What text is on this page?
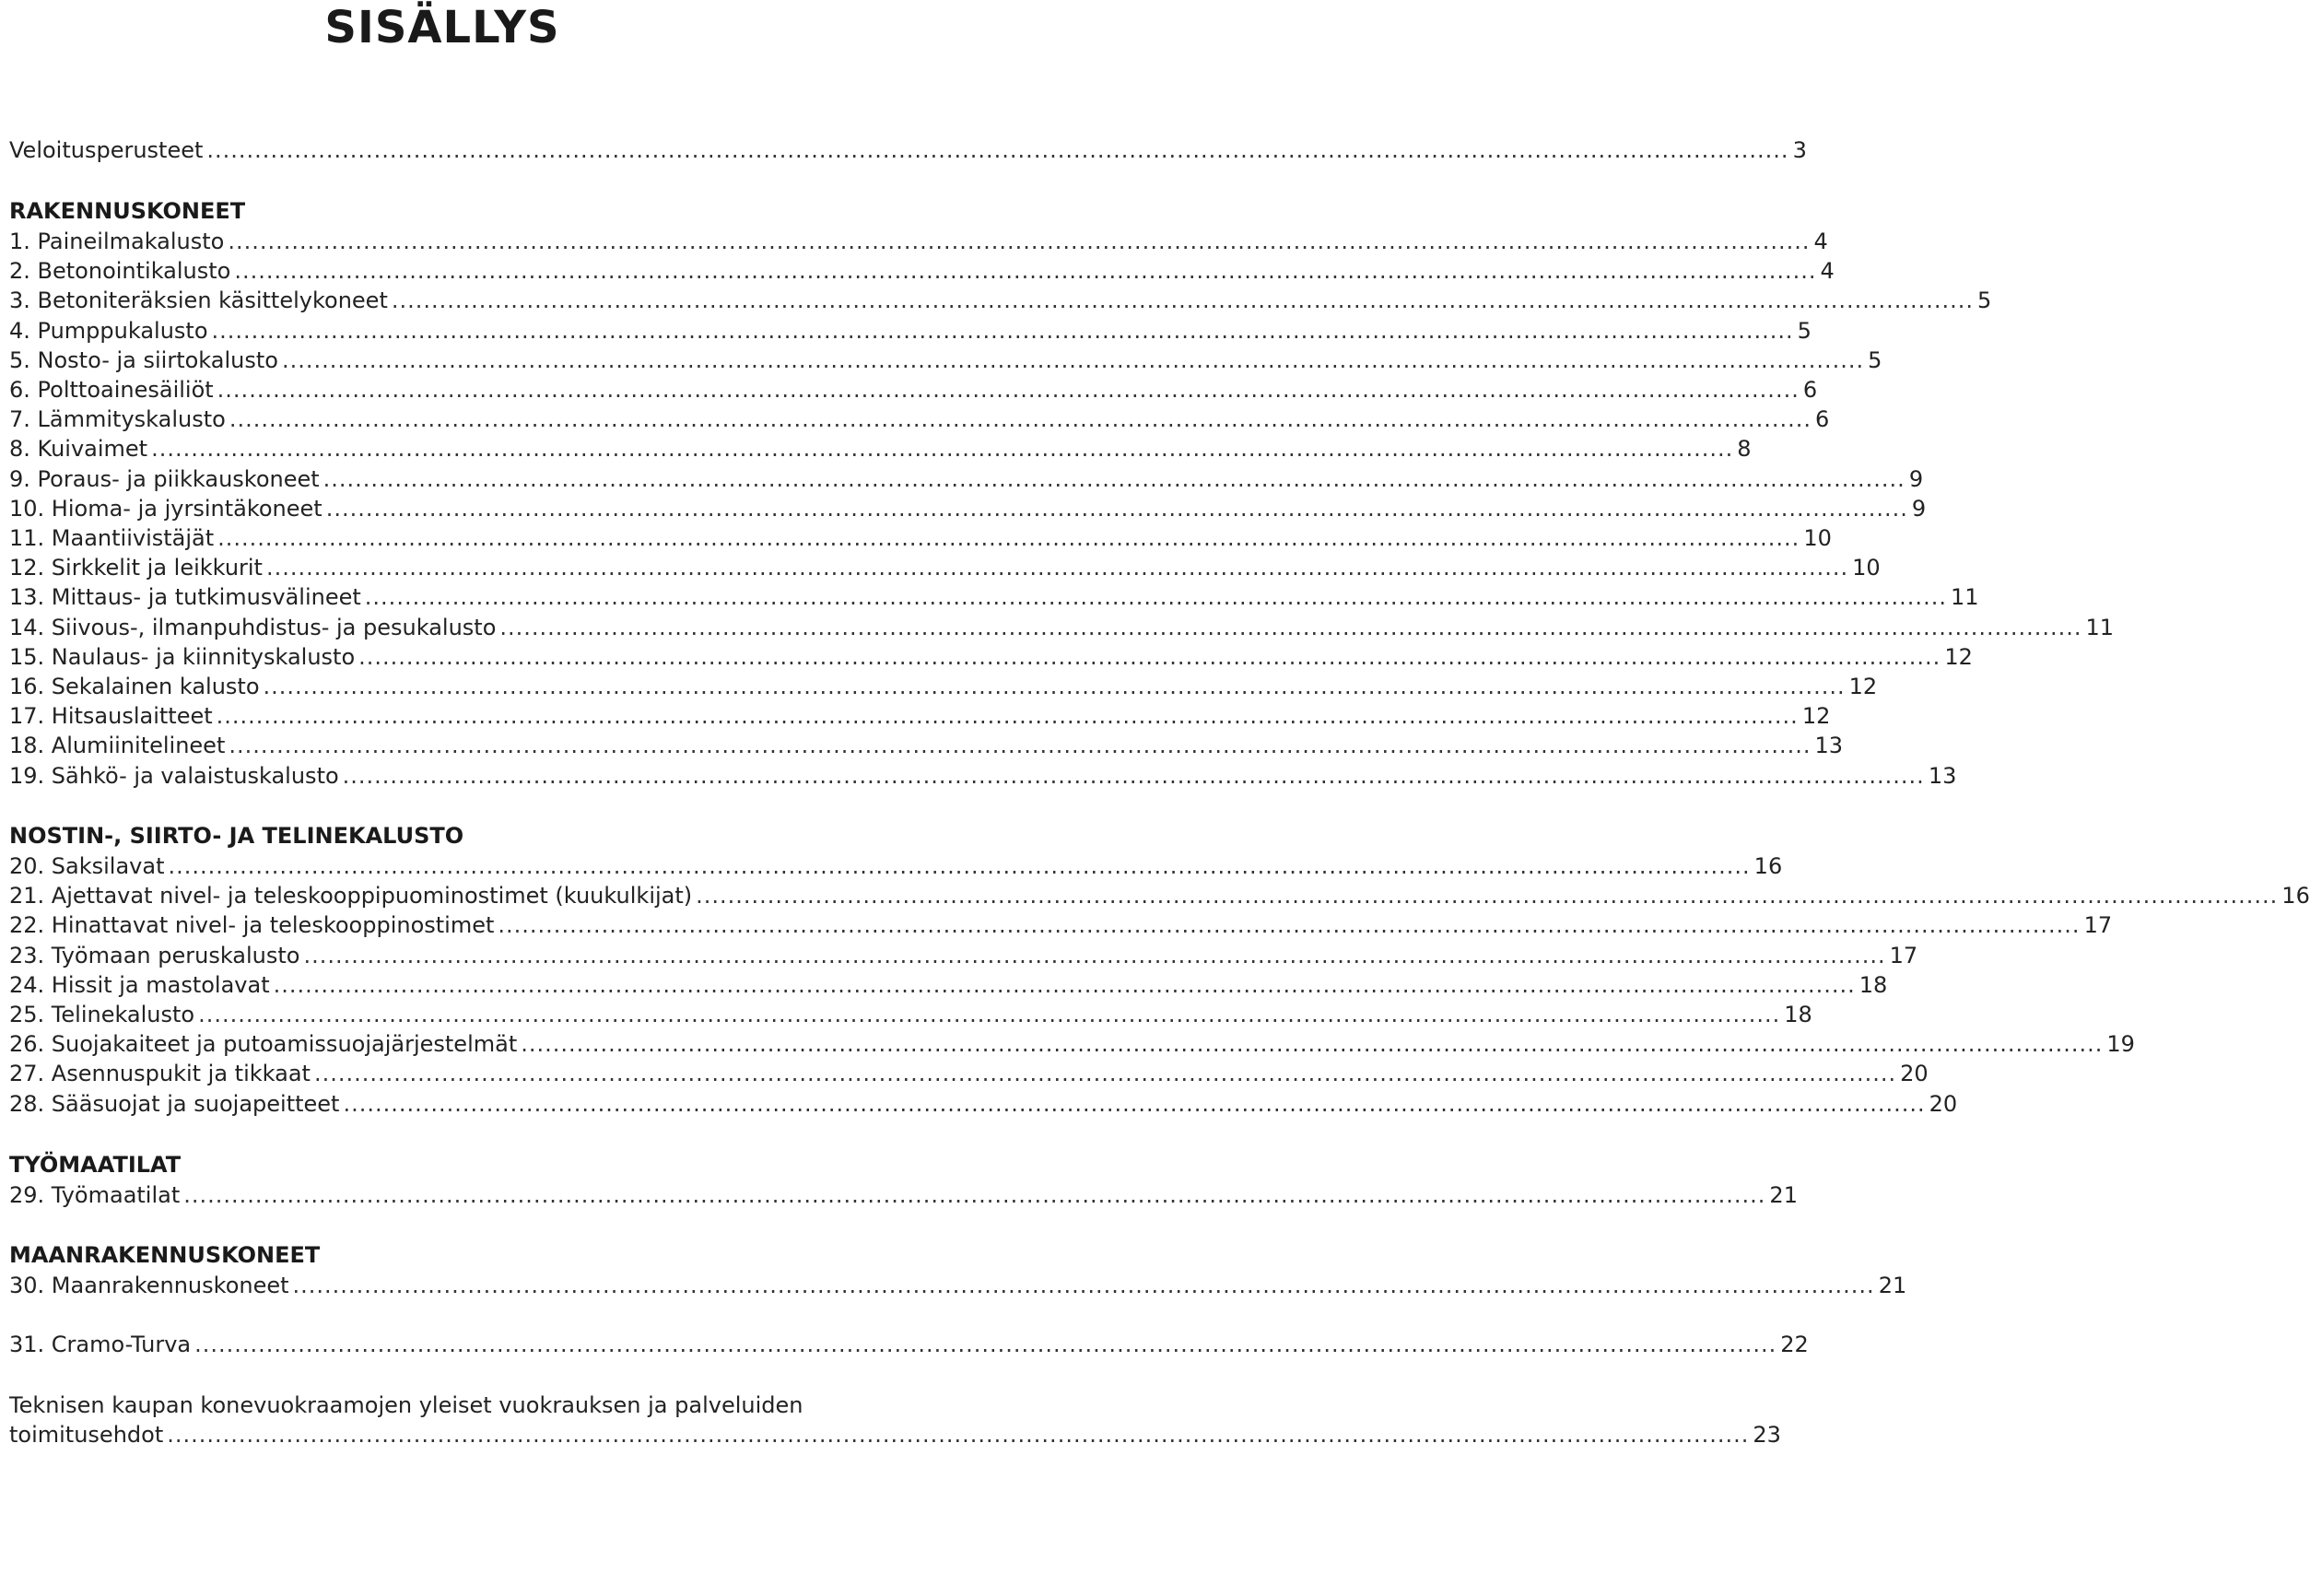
SISÄLLYS
Veloitusperusteet ....................................................................................................................................................................................................... 3
RAKENNUSKONEET
1. Paineilmakalusto ....................................................................................................................................................................................................... 4
2. Betonointikalusto ....................................................................................................................................................................................................... 4
3. Betoniteräksien käsittelykoneet ....................................................................................................................................................................................................... 5
4. Pumppukalusto ....................................................................................................................................................................................................... 5
5. Nosto- ja siirtokalusto ....................................................................................................................................................................................................... 5
6. Polttoainesäiliöt ....................................................................................................................................................................................................... 6
7. Lämmityskalusto ....................................................................................................................................................................................................... 6
8. Kuivaimet ....................................................................................................................................................................................................... 8
9. Poraus- ja piikkauskoneet ....................................................................................................................................................................................................... 9
10. Hioma- ja jyrsintäkoneet ....................................................................................................................................................................................................... 9
11. Maantiivistäjät ....................................................................................................................................................................................................... 10
12. Sirkkelit ja leikkurit ....................................................................................................................................................................................................... 10
13. Mittaus- ja tutkimusvälineet ....................................................................................................................................................................................................... 11
14. Siivous-, ilmanpuhdistus- ja pesukalusto ....................................................................................................................................................................................................... 11
15. Naulaus- ja kiinnityskalusto ....................................................................................................................................................................................................... 12
16. Sekalainen kalusto ....................................................................................................................................................................................................... 12
17. Hitsauslaitteet ....................................................................................................................................................................................................... 12
18. Alumiinitelineet ....................................................................................................................................................................................................... 13
19. Sähkö- ja valaistuskalusto ....................................................................................................................................................................................................... 13
NOSTIN-, SIIRTO- JA TELINEKALUSTO
20. Saksilavat ....................................................................................................................................................................................................... 16
21. Ajettavat nivel- ja teleskooppipuominostimet (kuukulkijat) ....................................................................................................................................................................................................... 16
22. Hinattavat nivel- ja teleskooppinostimet ....................................................................................................................................................................................................... 17
23. Työmaan peruskalusto ....................................................................................................................................................................................................... 17
24. Hissit ja mastolavat ....................................................................................................................................................................................................... 18
25. Telinekalusto ....................................................................................................................................................................................................... 18
26. Suojakaiteet ja putoamissuojajärjestelmät ....................................................................................................................................................................................................... 19
27. Asennuspukit ja tikkaat ....................................................................................................................................................................................................... 20
28. Sääsuojat ja suojapeitteet ....................................................................................................................................................................................................... 20
TYÖMAATILAT
29. Työmaatilat ....................................................................................................................................................................................................... 21
MAANRAKENNUSKONEET
30. Maanrakennuskoneet ....................................................................................................................................................................................................... 21
31. Cramo-Turva ....................................................................................................................................................................................................... 22
Teknisen kaupan konevuokraamojen yleiset vuokrauksen ja palveluiden
toimitusehdot ....................................................................................................................................................................................................... 23
